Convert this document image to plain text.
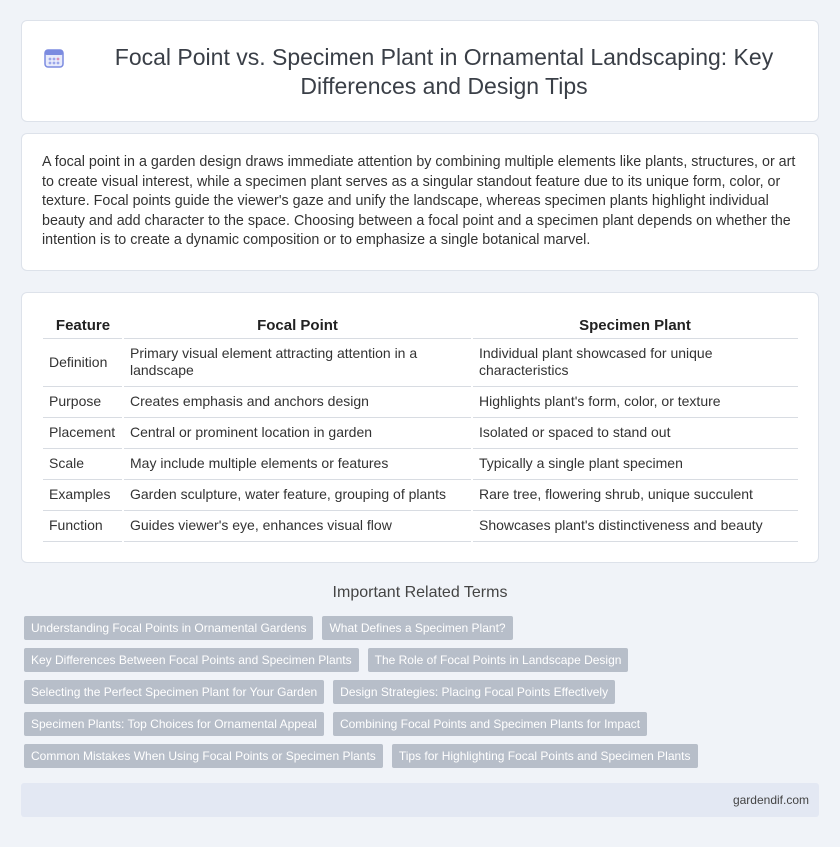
Focal Point vs. Specimen Plant in Ornamental Landscaping: Key Differences and Design Tips

A focal point in a garden design draws immediate attention by combining multiple elements like plants, structures, or art to create visual interest, while a specimen plant serves as a singular standout feature due to its unique form, color, or texture. Focal points guide the viewer's gaze and unify the landscape, whereas specimen plants highlight individual beauty and add character to the space. Choosing between a focal point and a specimen plant depends on whether the intention is to create a dynamic composition or to emphasize a single botanical marvel.

Feature	Focal Point	Specimen Plant
Definition	Primary visual element attracting attention in a landscape	Individual plant showcased for unique characteristics
Purpose	Creates emphasis and anchors design	Highlights plant's form, color, or texture
Placement	Central or prominent location in garden	Isolated or spaced to stand out
Scale	May include multiple elements or features	Typically a single plant specimen
Examples	Garden sculpture, water feature, grouping of plants	Rare tree, flowering shrub, unique succulent
Function	Guides viewer's eye, enhances visual flow	Showcases plant's distinctiveness and beauty
Important Related Terms
Understanding Focal Points in Ornamental Gardens	What Defines a Specimen Plant?
Key Differences Between Focal Points and Specimen Plants	The Role of Focal Points in Landscape Design
Selecting the Perfect Specimen Plant for Your Garden	Design Strategies: Placing Focal Points Effectively
Specimen Plants: Top Choices for Ornamental Appeal	Combining Focal Points and Specimen Plants for Impact
Common Mistakes When Using Focal Points or Specimen Plants	Tips for Highlighting Focal Points and Specimen Plants
gardendif.com
